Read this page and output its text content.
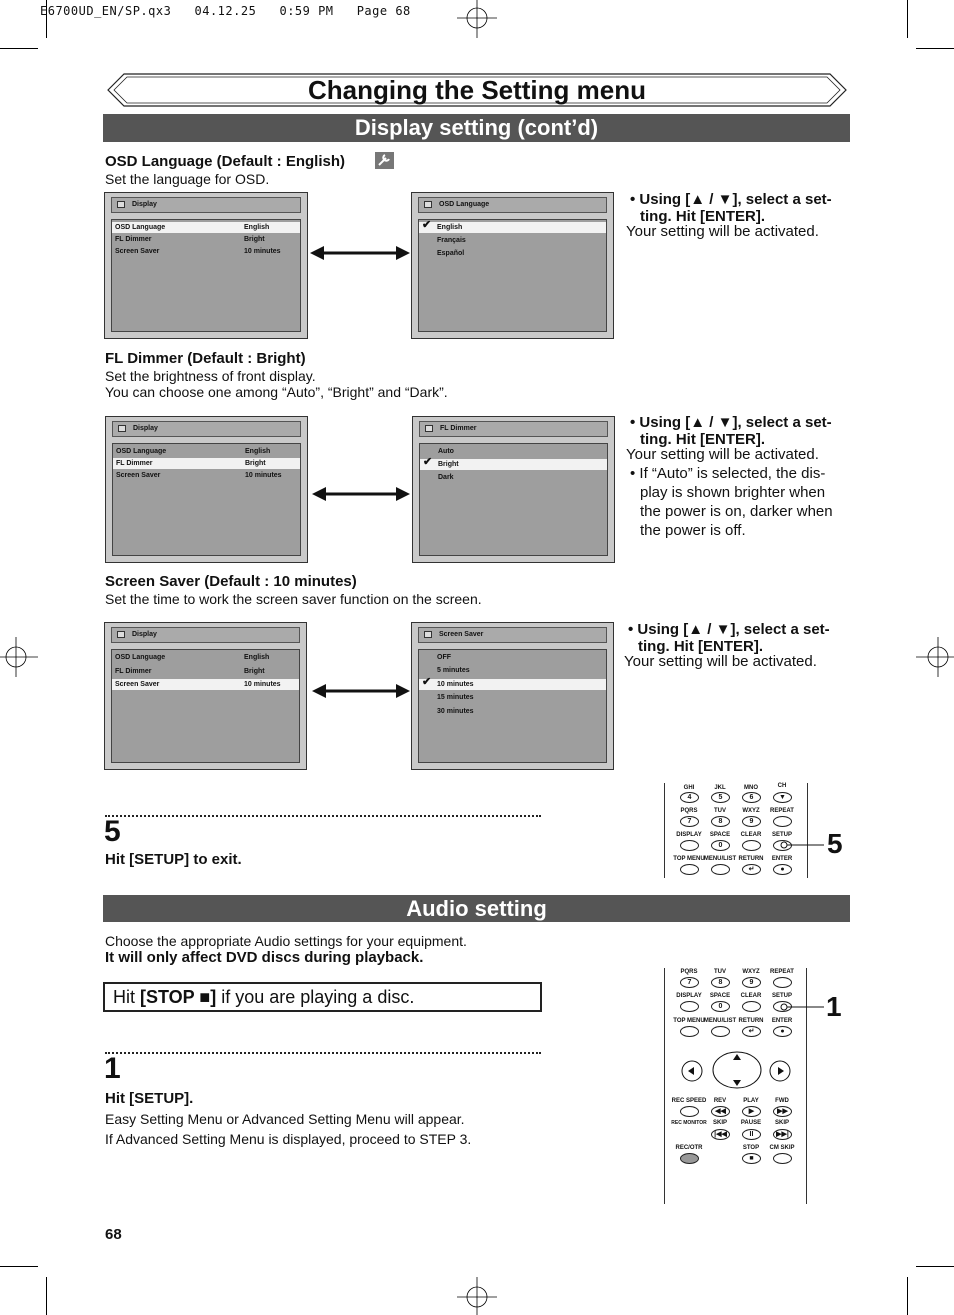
E6700UD_EN/SP.qx3   04.12.25   0:59 PM   Page 68
Changing the Setting menu
Display setting (cont’d)
OSD Language (Default : English)
Set the language for OSD.
Display
OSD Language	English
FL Dimmer	Bright
Screen Saver	10 minutes
OSD Language
✔ English
Français
Español
• Using [▲ / ▼], select a set-
ting. Hit [ENTER].
Your setting will be activated.
FL Dimmer (Default : Bright)
Set the brightness of front display.
You can choose one among “Auto”, “Bright” and “Dark”.
Display
OSD Language	English
FL Dimmer	Bright
Screen Saver	10 minutes
FL Dimmer
Auto
✔ Bright
Dark
• Using [▲ / ▼], select a set-
ting. Hit [ENTER].
Your setting will be activated.
• If “Auto” is selected, the dis-
play is shown brighter when
the power is on, darker when
the power is off.
Screen Saver (Default : 10 minutes)
Set the time to work the screen saver function on the screen.
Display
OSD Language	English
FL Dimmer	Bright
Screen Saver	10 minutes
Screen Saver
OFF
5 minutes
✔ 10 minutes
15 minutes
30 minutes
• Using [▲ / ▼], select a set-
ting. Hit [ENTER].
Your setting will be activated.
5
Hit [SETUP] to exit.
GHI	JKL	MNO	CH
4	5	6	▼
PQRS	TUV	WXYZ	REPEAT
7	8	9
DISPLAY	SPACE	CLEAR	SETUP
0
TOP MENU MENU/LIST RETURN	ENTER
↵	●
5
Audio setting
Choose the appropriate Audio settings for your equipment.
It will only affect DVD discs during playback.
Hit [STOP ■] if you are playing a disc.
1
Hit [SETUP].
Easy Setting Menu or Advanced Setting Menu will appear.
If Advanced Setting Menu is displayed, proceed to STEP 3.
PQRS	TUV	WXYZ	REPEAT
7	8	9
DISPLAY	SPACE	CLEAR	SETUP
0
TOP MENU MENU/LIST RETURN	ENTER
↵	●
REC SPEED	REV	PLAY	FWD
◀◀	▶	▶▶
REC MONITOR	SKIP	PAUSE	SKIP
|◀◀	II	▶▶|
REC/OTR	STOP	CM SKIP
■
1
68
